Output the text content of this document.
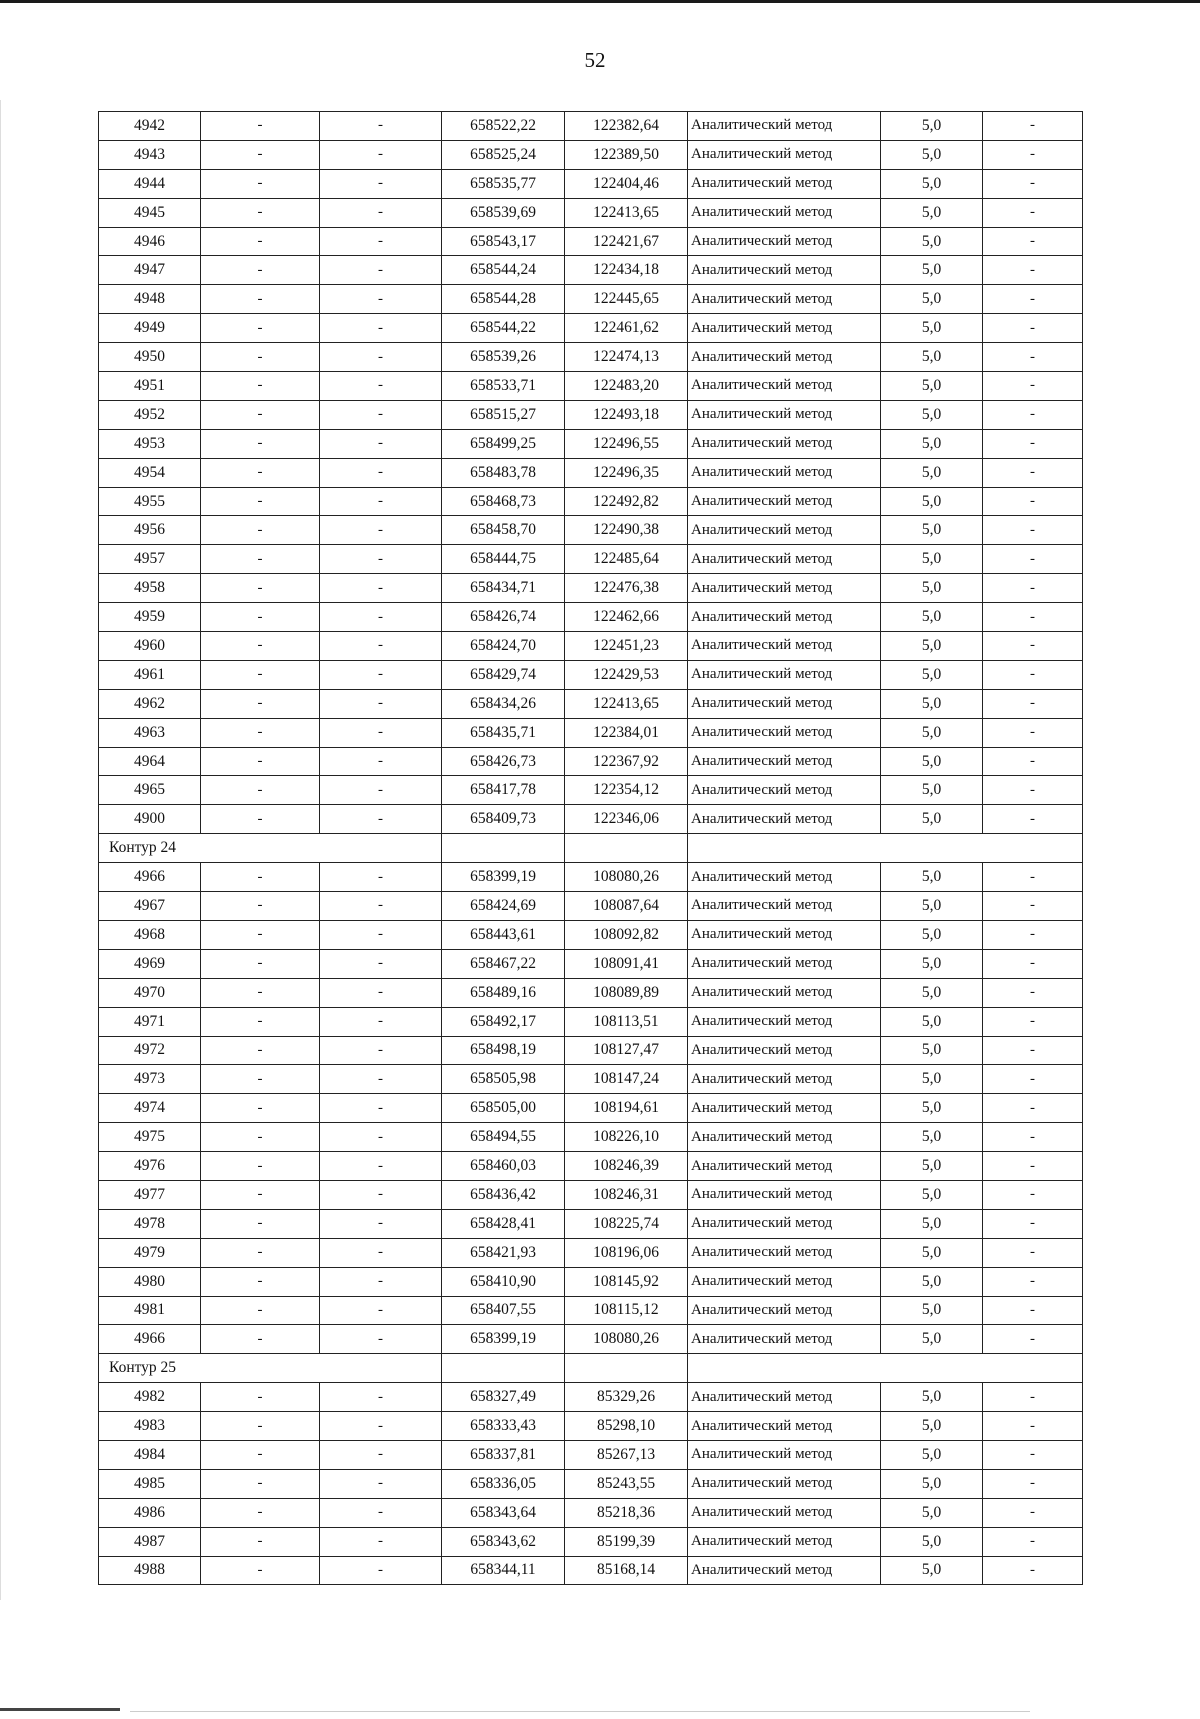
52
4942	-	-	658522,22	122382,64	Аналитический метод	5,0	-
4943	-	-	658525,24	122389,50	Аналитический метод	5,0	-
4944	-	-	658535,77	122404,46	Аналитический метод	5,0	-
4945	-	-	658539,69	122413,65	Аналитический метод	5,0	-
4946	-	-	658543,17	122421,67	Аналитический метод	5,0	-
4947	-	-	658544,24	122434,18	Аналитический метод	5,0	-
4948	-	-	658544,28	122445,65	Аналитический метод	5,0	-
4949	-	-	658544,22	122461,62	Аналитический метод	5,0	-
4950	-	-	658539,26	122474,13	Аналитический метод	5,0	-
4951	-	-	658533,71	122483,20	Аналитический метод	5,0	-
4952	-	-	658515,27	122493,18	Аналитический метод	5,0	-
4953	-	-	658499,25	122496,55	Аналитический метод	5,0	-
4954	-	-	658483,78	122496,35	Аналитический метод	5,0	-
4955	-	-	658468,73	122492,82	Аналитический метод	5,0	-
4956	-	-	658458,70	122490,38	Аналитический метод	5,0	-
4957	-	-	658444,75	122485,64	Аналитический метод	5,0	-
4958	-	-	658434,71	122476,38	Аналитический метод	5,0	-
4959	-	-	658426,74	122462,66	Аналитический метод	5,0	-
4960	-	-	658424,70	122451,23	Аналитический метод	5,0	-
4961	-	-	658429,74	122429,53	Аналитический метод	5,0	-
4962	-	-	658434,26	122413,65	Аналитический метод	5,0	-
4963	-	-	658435,71	122384,01	Аналитический метод	5,0	-
4964	-	-	658426,73	122367,92	Аналитический метод	5,0	-
4965	-	-	658417,78	122354,12	Аналитический метод	5,0	-
4900	-	-	658409,73	122346,06	Аналитический метод	5,0	-
Контур 24							
4966	-	-	658399,19	108080,26	Аналитический метод	5,0	-
4967	-	-	658424,69	108087,64	Аналитический метод	5,0	-
4968	-	-	658443,61	108092,82	Аналитический метод	5,0	-
4969	-	-	658467,22	108091,41	Аналитический метод	5,0	-
4970	-	-	658489,16	108089,89	Аналитический метод	5,0	-
4971	-	-	658492,17	108113,51	Аналитический метод	5,0	-
4972	-	-	658498,19	108127,47	Аналитический метод	5,0	-
4973	-	-	658505,98	108147,24	Аналитический метод	5,0	-
4974	-	-	658505,00	108194,61	Аналитический метод	5,0	-
4975	-	-	658494,55	108226,10	Аналитический метод	5,0	-
4976	-	-	658460,03	108246,39	Аналитический метод	5,0	-
4977	-	-	658436,42	108246,31	Аналитический метод	5,0	-
4978	-	-	658428,41	108225,74	Аналитический метод	5,0	-
4979	-	-	658421,93	108196,06	Аналитический метод	5,0	-
4980	-	-	658410,90	108145,92	Аналитический метод	5,0	-
4981	-	-	658407,55	108115,12	Аналитический метод	5,0	-
4966	-	-	658399,19	108080,26	Аналитический метод	5,0	-
Контур 25							
4982	-	-	658327,49	85329,26	Аналитический метод	5,0	-
4983	-	-	658333,43	85298,10	Аналитический метод	5,0	-
4984	-	-	658337,81	85267,13	Аналитический метод	5,0	-
4985	-	-	658336,05	85243,55	Аналитический метод	5,0	-
4986	-	-	658343,64	85218,36	Аналитический метод	5,0	-
4987	-	-	658343,62	85199,39	Аналитический метод	5,0	-
4988	-	-	658344,11	85168,14	Аналитический метод	5,0	-
